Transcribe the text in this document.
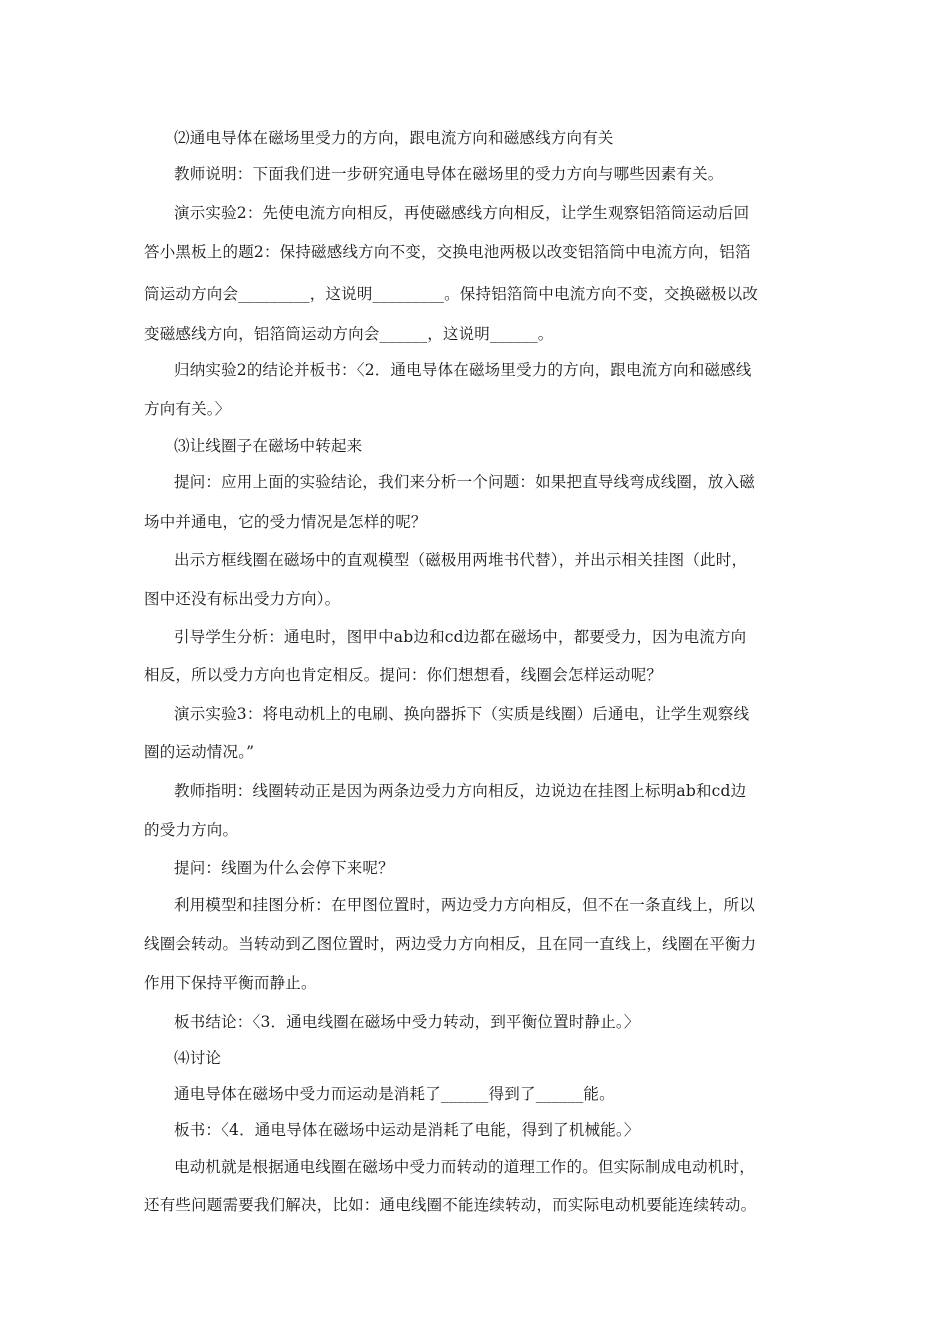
⑵通电导体在磁场里受力的方向，跟电流方向和磁感线方向有关
教师说明：下面我们进一步研究通电导体在磁场里的受力方向与哪些因素有关。
演示实验2：先使电流方向相反，再使磁感线方向相反，让学生观察铝箔筒运动后回
答小黑板上的题2：保持磁感线方向不变，交换电池两极以改变铝箔筒中电流方向，铝箔
筒运动方向会_________，这说明_________。保持铝箔筒中电流方向不变，交换磁极以改
变磁感线方向，铝箔筒运动方向会______，这说明______。
归纳实验2的结论并板书：〈2．通电导体在磁场里受力的方向，跟电流方向和磁感线
方向有关。〉
⑶让线圈子在磁场中转起来
提问：应用上面的实验结论，我们来分析一个问题：如果把直导线弯成线圈，放入磁
场中并通电，它的受力情况是怎样的呢？
出示方框线圈在磁场中的直观模型（磁极用两堆书代替），并出示相关挂图（此时，
图中还没有标出受力方向）。
引导学生分析：通电时，图甲中ab边和cd边都在磁场中，都要受力，因为电流方向
相反，所以受力方向也肯定相反。提问：你们想想看，线圈会怎样运动呢？
演示实验3：将电动机上的电刷、换向器拆下（实质是线圈）后通电，让学生观察线
圈的运动情况。”
教师指明：线圈转动正是因为两条边受力方向相反，边说边在挂图上标明ab和cd边
的受力方向。
提问：线圈为什么会停下来呢？
利用模型和挂图分析：在甲图位置时，两边受力方向相反，但不在一条直线上，所以
线圈会转动。当转动到乙图位置时，两边受力方向相反，且在同一直线上，线圈在平衡力
作用下保持平衡而静止。
板书结论：〈3．通电线圈在磁场中受力转动，到平衡位置时静止。〉
⑷讨论
通电导体在磁场中受力而运动是消耗了______得到了______能。
板书：〈4．通电导体在磁场中运动是消耗了电能，得到了机械能。〉
电动机就是根据通电线圈在磁场中受力而转动的道理工作的。但实际制成电动机时，
还有些问题需要我们解决，比如：通电线圈不能连续转动，而实际电动机要能连续转动。
